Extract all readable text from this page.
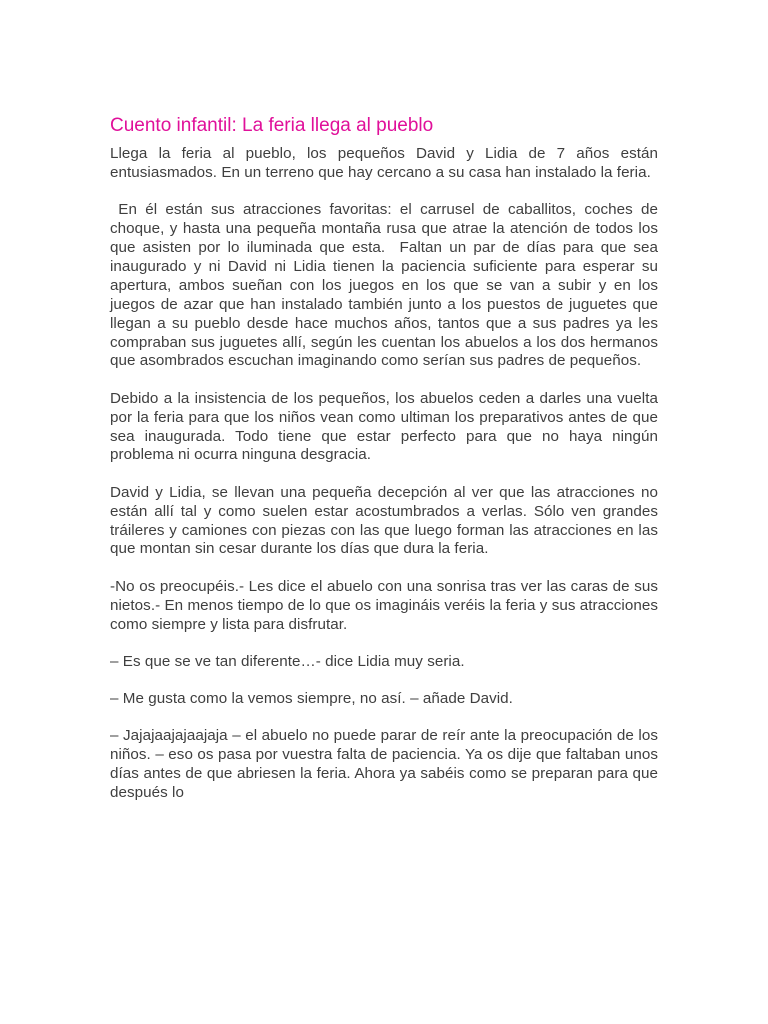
Cuento infantil: La feria llega al pueblo

Llega la feria al pueblo, los pequeños David y Lidia de 7 años están entusiasmados. En un terreno que hay cercano a su casa han instalado la feria.

En él están sus atracciones favoritas: el carrusel de caballitos, coches de choque, y hasta una pequeña montaña rusa que atrae la atención de todos los que asisten por lo iluminada que esta.  Faltan un par de días para que sea inaugurado y ni David ni Lidia tienen la paciencia suficiente para esperar su apertura, ambos sueñan con los juegos en los que se van a subir y en los juegos de azar que han instalado también junto a los puestos de juguetes que llegan a su pueblo desde hace muchos años, tantos que a sus padres ya les compraban sus juguetes allí, según les cuentan los abuelos a los dos hermanos que asombrados escuchan imaginando como serían sus padres de pequeños.

Debido a la insistencia de los pequeños, los abuelos ceden a darles una vuelta por la feria para que los niños vean como ultiman los preparativos antes de que sea inaugurada. Todo tiene que estar perfecto para que no haya ningún problema ni ocurra ninguna desgracia.

David y Lidia, se llevan una pequeña decepción al ver que las atracciones no están allí tal y como suelen estar acostumbrados a verlas. Sólo ven grandes tráileres y camiones con piezas con las que luego forman las atracciones en las que montan sin cesar durante los días que dura la feria.

-No os preocupéis.- Les dice el abuelo con una sonrisa tras ver las caras de sus nietos.- En menos tiempo de lo que os imagináis veréis la feria y sus atracciones como siempre y lista para disfrutar.

– Es que se ve tan diferente…- dice Lidia muy seria.

– Me gusta como la vemos siempre, no así. – añade David.

– Jajajaajajaajaja – el abuelo no puede parar de reír ante la preocupación de los niños. – eso os pasa por vuestra falta de paciencia. Ya os dije que faltaban unos días antes de que abriesen la feria. Ahora ya sabéis como se preparan para que después lo
